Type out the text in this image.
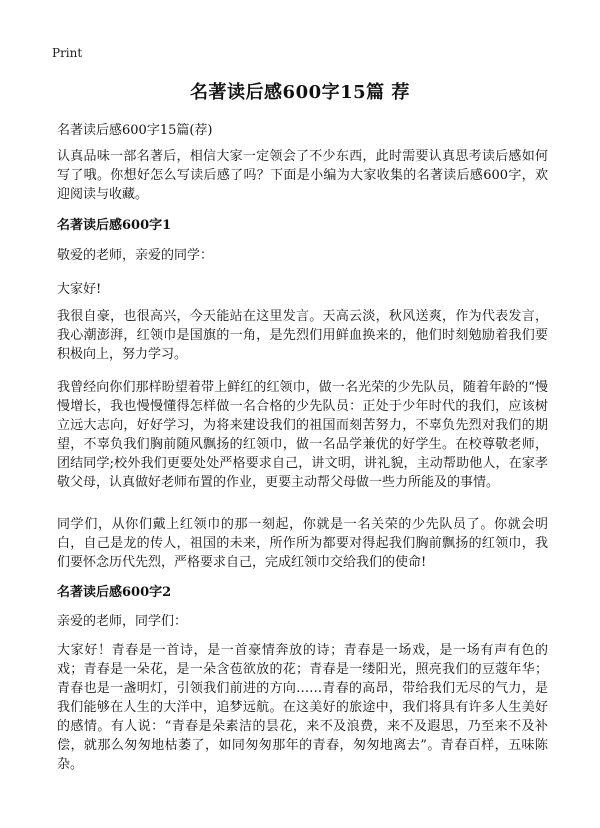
Print
名著读后感600字15篇 荐
名著读后感600字15篇(荐)
认真品味一部名著后，相信大家一定领会了不少东西，此时需要认真思考读后感如何写了哦。你想好怎么写读后感了吗？下面是小编为大家收集的名著读后感600字，欢迎阅读与收藏。
名著读后感600字1
敬爱的老师，亲爱的同学：
大家好!
我很自豪，也很高兴，今天能站在这里发言。天高云淡，秋风送爽，作为代表发言，我心潮澎湃，红领巾是国旗的一角，是先烈们用鲜血换来的，他们时刻勉励着我们要积极向上，努力学习。
我曾经向你们那样盼望着带上鲜红的红领巾，做一名光荣的少先队员，随着年龄的“慢慢增长，我也慢慢懂得怎样做一名合格的少先队员：正处于少年时代的我们，应该树立远大志向，好好学习，为将来建设我们的祖国而刻苦努力，不辜负先烈对我们的期望，不辜负我们胸前随风飘扬的红领巾，做一名品学兼优的好学生。在校尊敬老师，团结同学;校外我们更要处处严格要求自己，讲文明，讲礼貌，主动帮助他人，在家孝敬父母，认真做好老师布置的作业，更要主动帮父母做一些力所能及的事情。
同学们，从你们戴上红领巾的那一刻起，你就是一名关荣的少先队员了。你就会明白，自己是龙的传人，祖国的未来，所作所为都要对得起我们胸前飘扬的红领巾，我们要怀念历代先烈，严格要求自己，完成红领巾交给我们的使命!
名著读后感600字2
亲爱的老师，同学们：
大家好！青春是一首诗，是一首豪情奔放的诗；青春是一场戏，是一场有声有色的戏；青春是一朵花，是一朵含苞欲放的花；青春是一缕阳光，照亮我们的豆蔻年华；青春也是一盏明灯，引领我们前进的方向……青春的高昂，带给我们无尽的气力，是我们能够在人生的大洋中，追梦远航。在这美好的旅途中，我们将具有许多人生美好的感情。有人说：“青春是朵素洁的昙花，来不及浪费，来不及遐思，乃至来不及补偿，就那么匆匆地枯萎了，如同匆匆那年的青春，匆匆地离去”。青春百样，五味陈杂。
